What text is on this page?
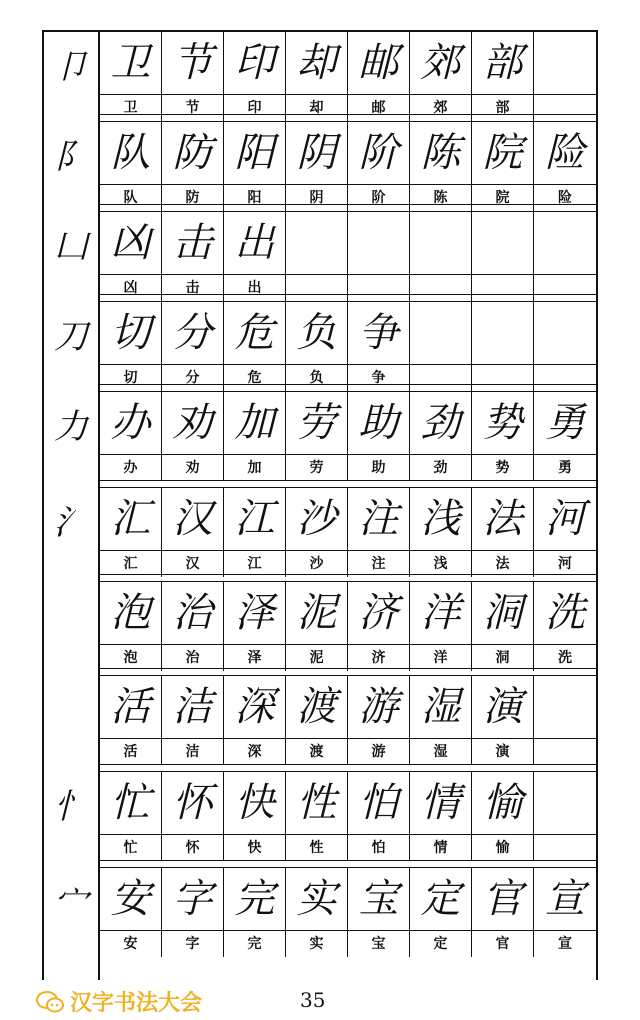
卩 卫
卫
节
节
印
印
却
却
邮
邮
郊
郊
部
部
阝 队
队
防
防
阳
阳
阴
阴
阶
阶
陈
陈
院
院
险
险
凵 凶
凶
击
击
出
出
刀 切
切
分
分
危
危
负
负
争
争
力 办
办
劝
劝
加
加
劳
劳
助
助
劲
劲
势
势
勇
勇
氵 汇
汇
汉
汉
江
江
沙
沙
注
注
浅
浅
法
法
河
河
泡
泡
治
治
泽
泽
泥
泥
济
济
洋
洋
洞
洞
洗
洗
活
活
洁
洁
深
深
渡
渡
游
游
湿
湿
演
演
忄 忙
忙
怀
怀
快
快
性
性
怕
怕
情
情
愉
愉
宀 安
安
字
字
完
完
实
实
宝
宝
定
定
官
官
宣
宣
汉字书法大会	35
